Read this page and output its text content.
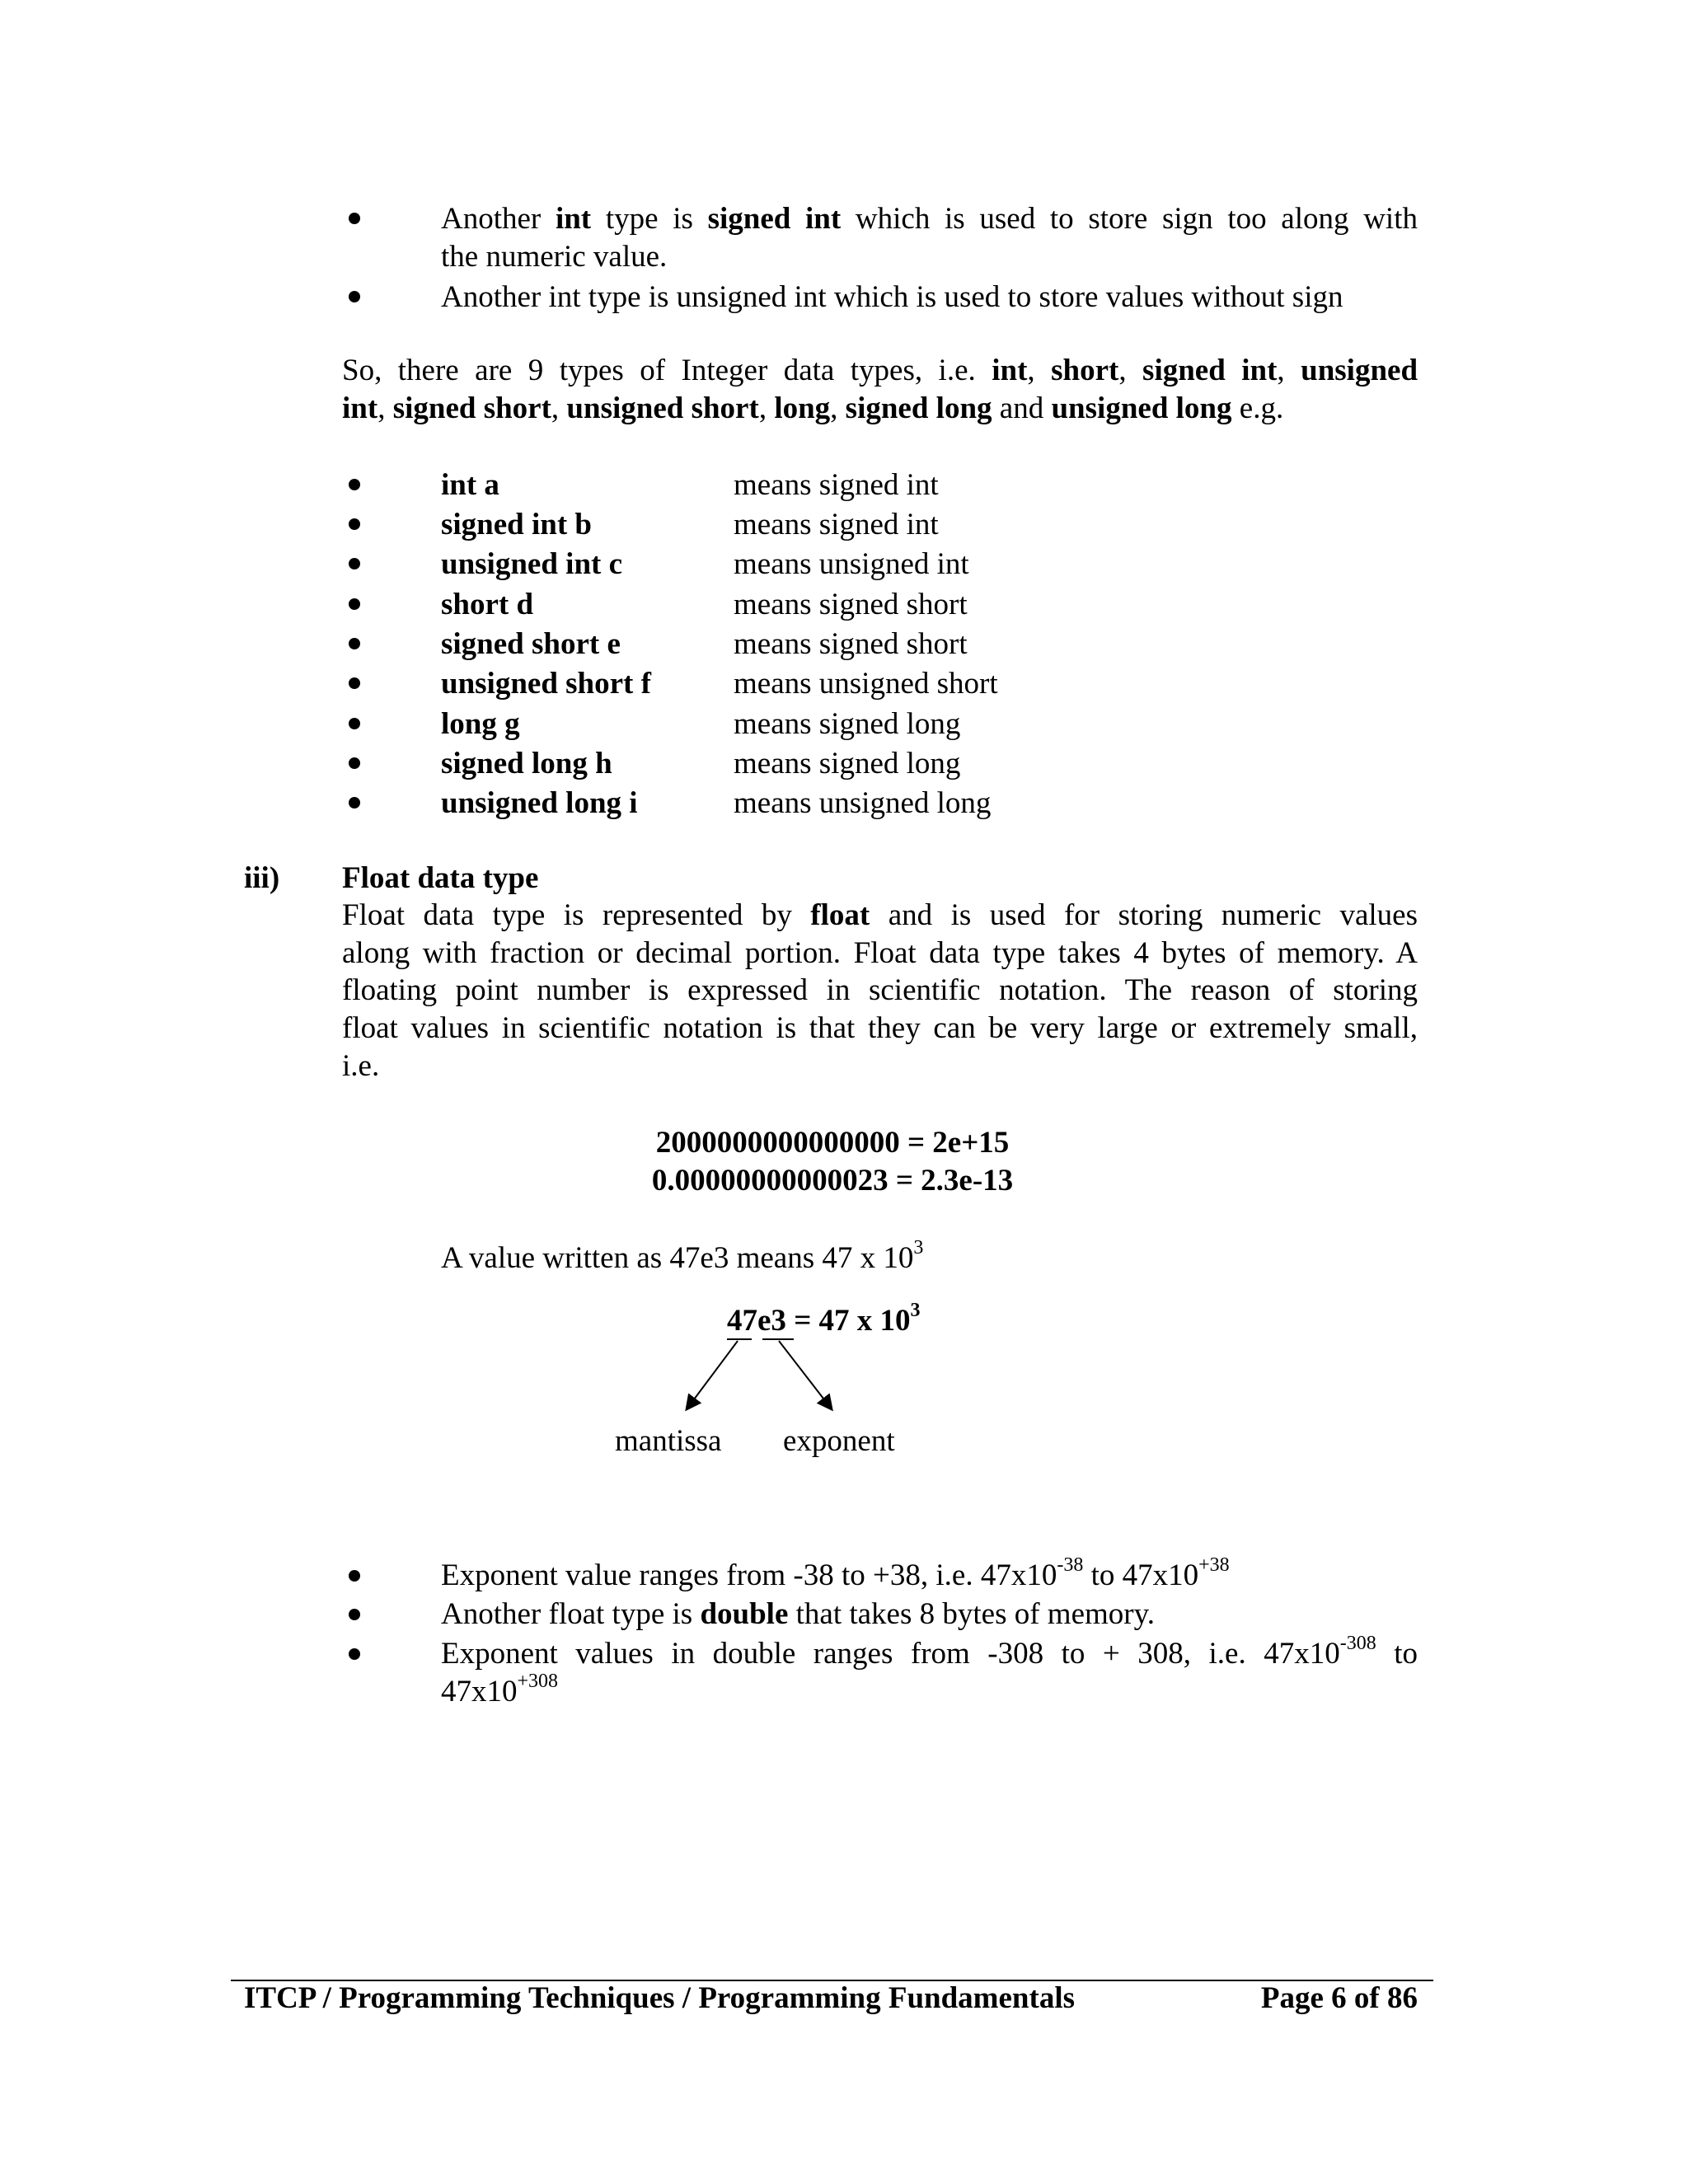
Another int type is signed int which is used to store sign too along with
the numeric value.
Another int type is unsigned int which is used to store values without sign
So, there are 9 types of Integer data types, i.e. int, short, signed int, unsigned
int, signed short, unsigned short, long, signed long and unsigned long e.g.
int a	means signed int
signed int b	means signed int
unsigned int c	means unsigned int
short d	means signed short
signed short e	means signed short
unsigned short f	means unsigned short
long g	means signed long
signed long h	means signed long
unsigned long i	means unsigned long
iii) Float data type
Float data type is represented by float and is used for storing numeric values
along with fraction or decimal portion. Float data type takes 4 bytes of memory. A
floating point number is expressed in scientific notation. The reason of storing
float values in scientific notation is that they can be very large or extremely small,
i.e.
2000000000000000 = 2e+15
0.00000000000023 = 2.3e-13
A value written as 47e3 means 47 x $10^3$
47e3 = 47 x $10^3$
mantissa exponent
Exponent value ranges from -38 to +38, i.e. $47x10^{-38}$ to $47x10^{+38}$
Another float type is double that takes 8 bytes of memory.
Exponent values in double ranges from -308 to + 308, i.e. $47x10^{-308}$ to
$47x10^{+308}$
ITCP / Programming Techniques / Programming Fundamentals	Page 6 of 86
